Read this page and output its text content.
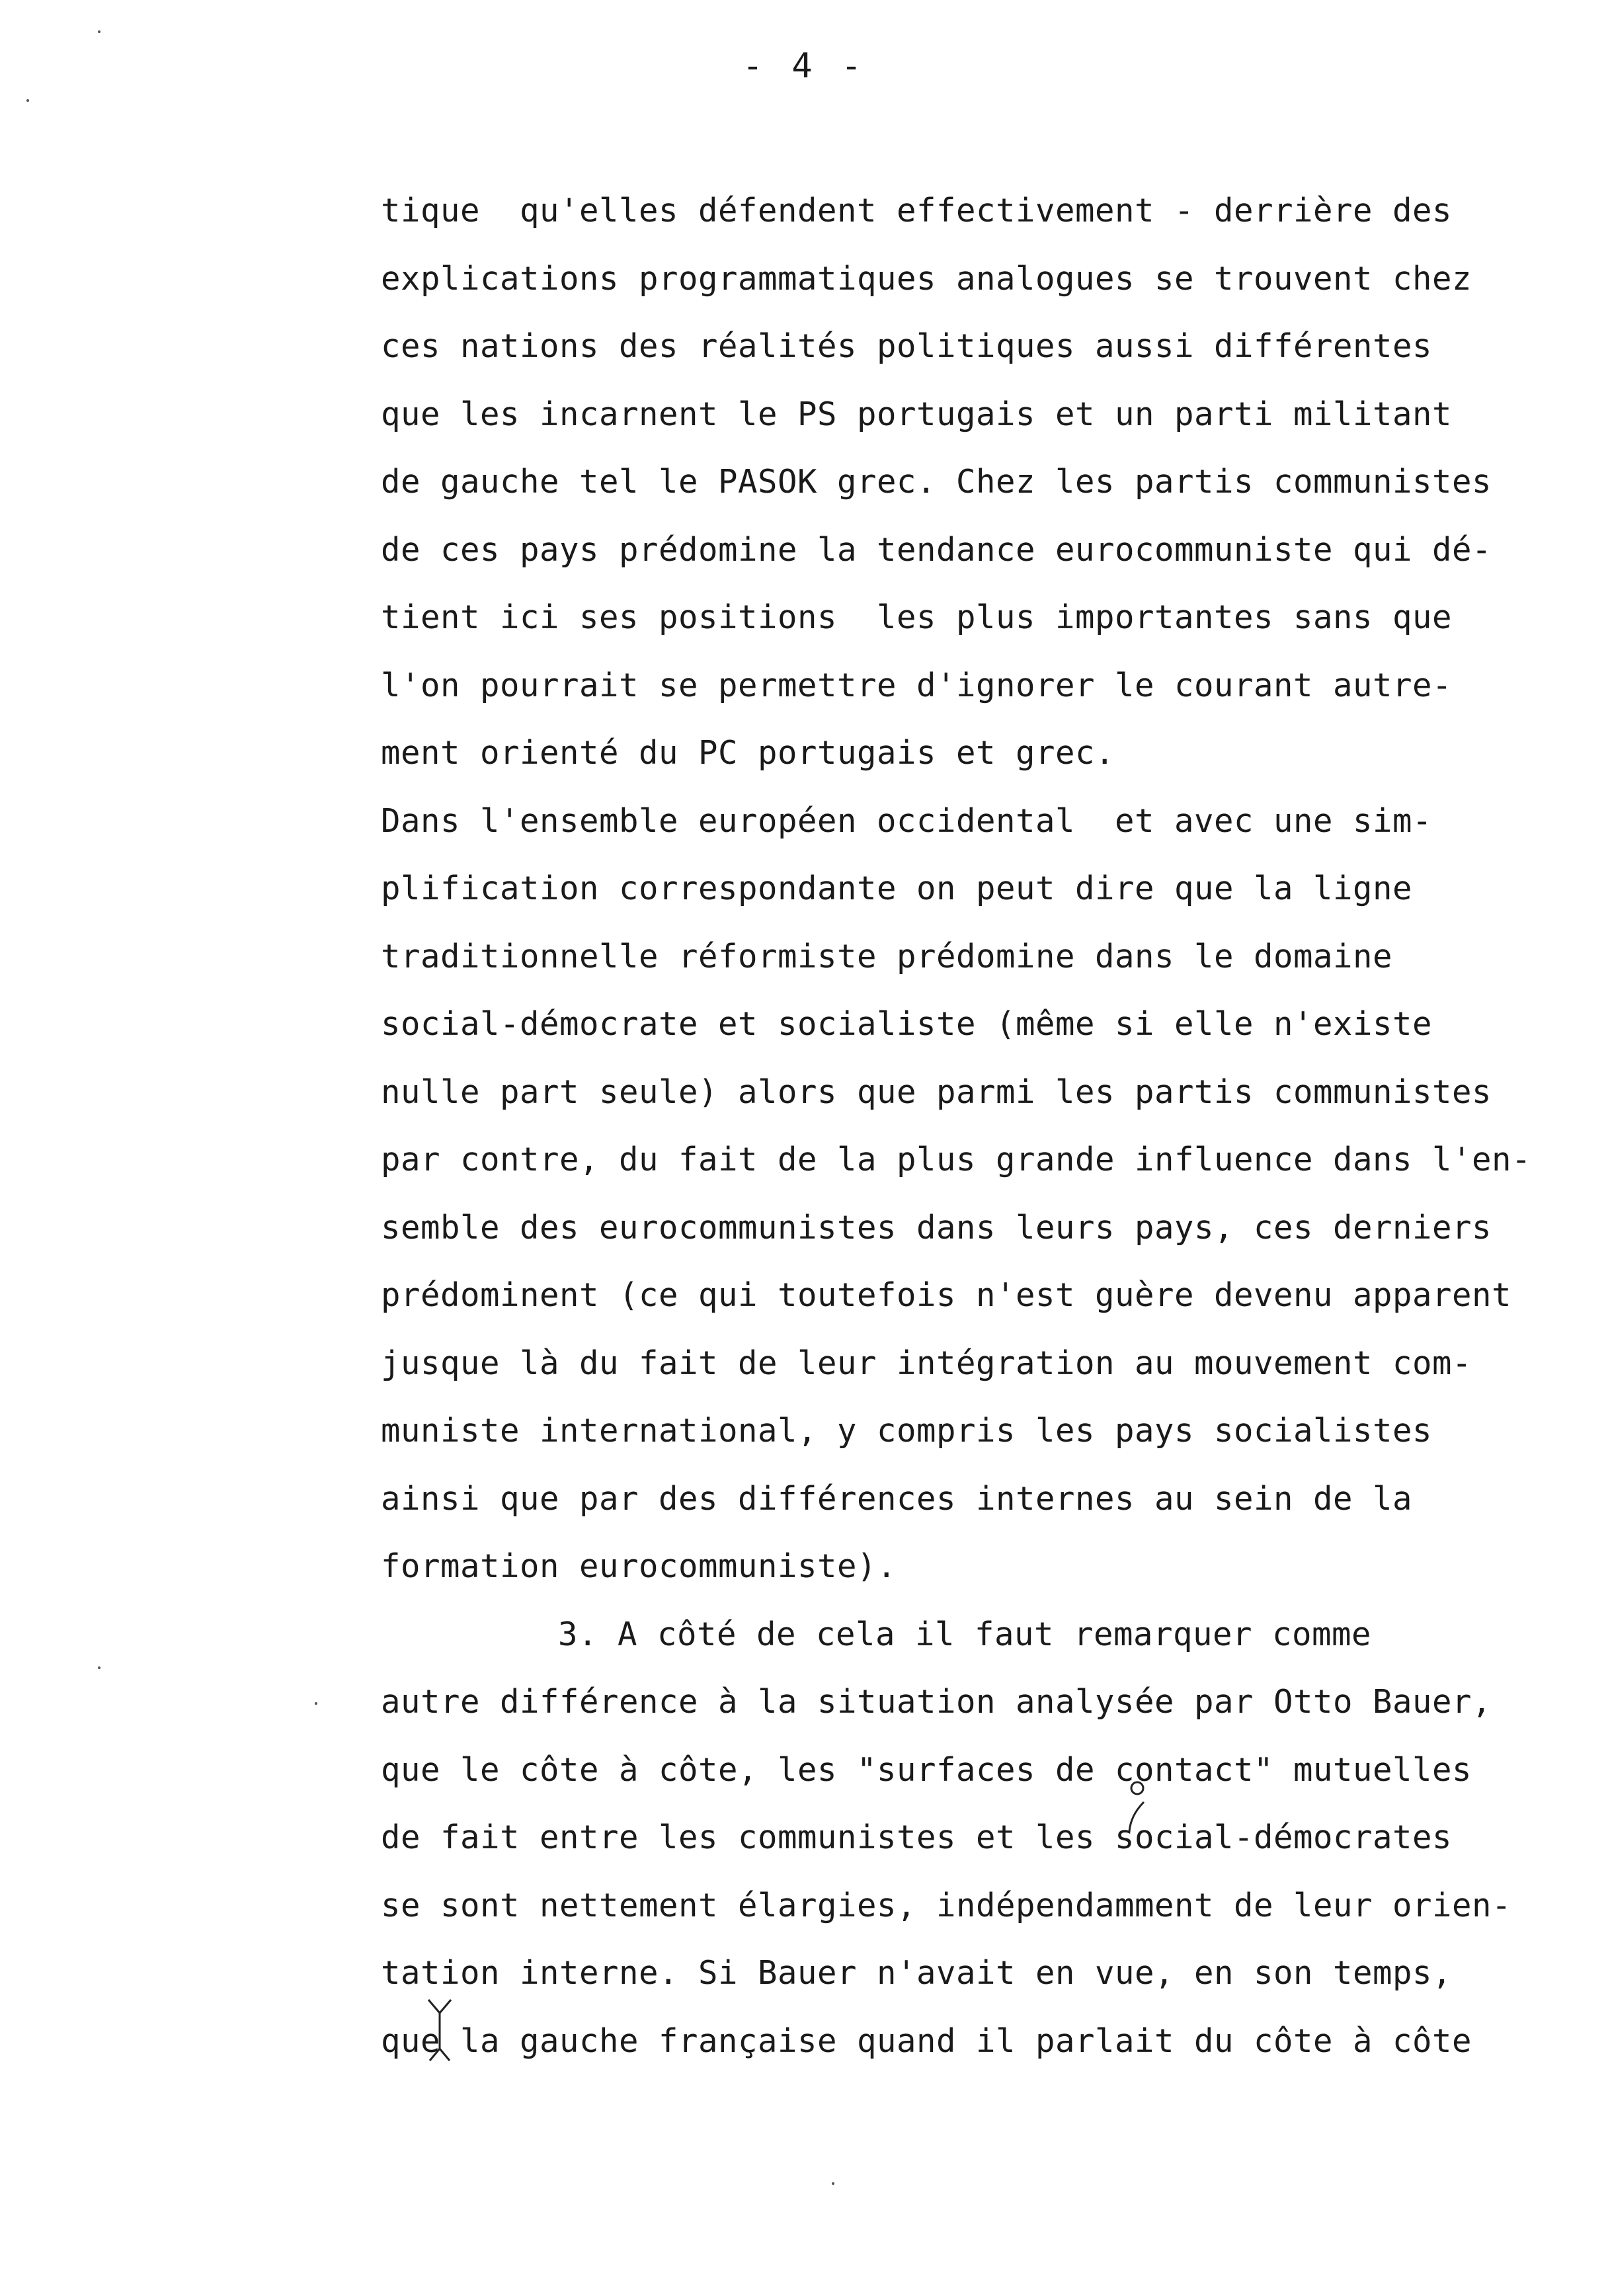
- 4 -
tique  qu'elles défendent effectivement - derrière des
explications programmatiques analogues se trouvent chez
ces nations des réalités politiques aussi différentes
que les incarnent le PS portugais et un parti militant
de gauche tel le PASOK grec. Chez les partis communistes
de ces pays prédomine la tendance eurocommuniste qui dé-
tient ici ses positions  les plus importantes sans que
l'on pourrait se permettre d'ignorer le courant autre-
ment orienté du PC portugais et grec.
Dans l'ensemble européen occidental  et avec une sim-
plification correspondante on peut dire que la ligne
traditionnelle réformiste prédomine dans le domaine
social-démocrate et socialiste (même si elle n'existe
nulle part seule) alors que parmi les partis communistes
par contre, du fait de la plus grande influence dans l'en-
semble des eurocommunistes dans leurs pays, ces derniers
prédominent (ce qui toutefois n'est guère devenu apparent
jusque là du fait de leur intégration au mouvement com-
muniste international, y compris les pays socialistes
ainsi que par des différences internes au sein de la
formation eurocommuniste).
3. A côté de cela il faut remarquer comme
autre différence à la situation analysée par Otto Bauer,
que le côte à côte, les "surfaces de contact" mutuelles
de fait entre les communistes et les social-démocrates
se sont nettement élargies, indépendamment de leur orien-
tation interne. Si Bauer n'avait en vue, en son temps,
que la gauche française quand il parlait du côte à côte
